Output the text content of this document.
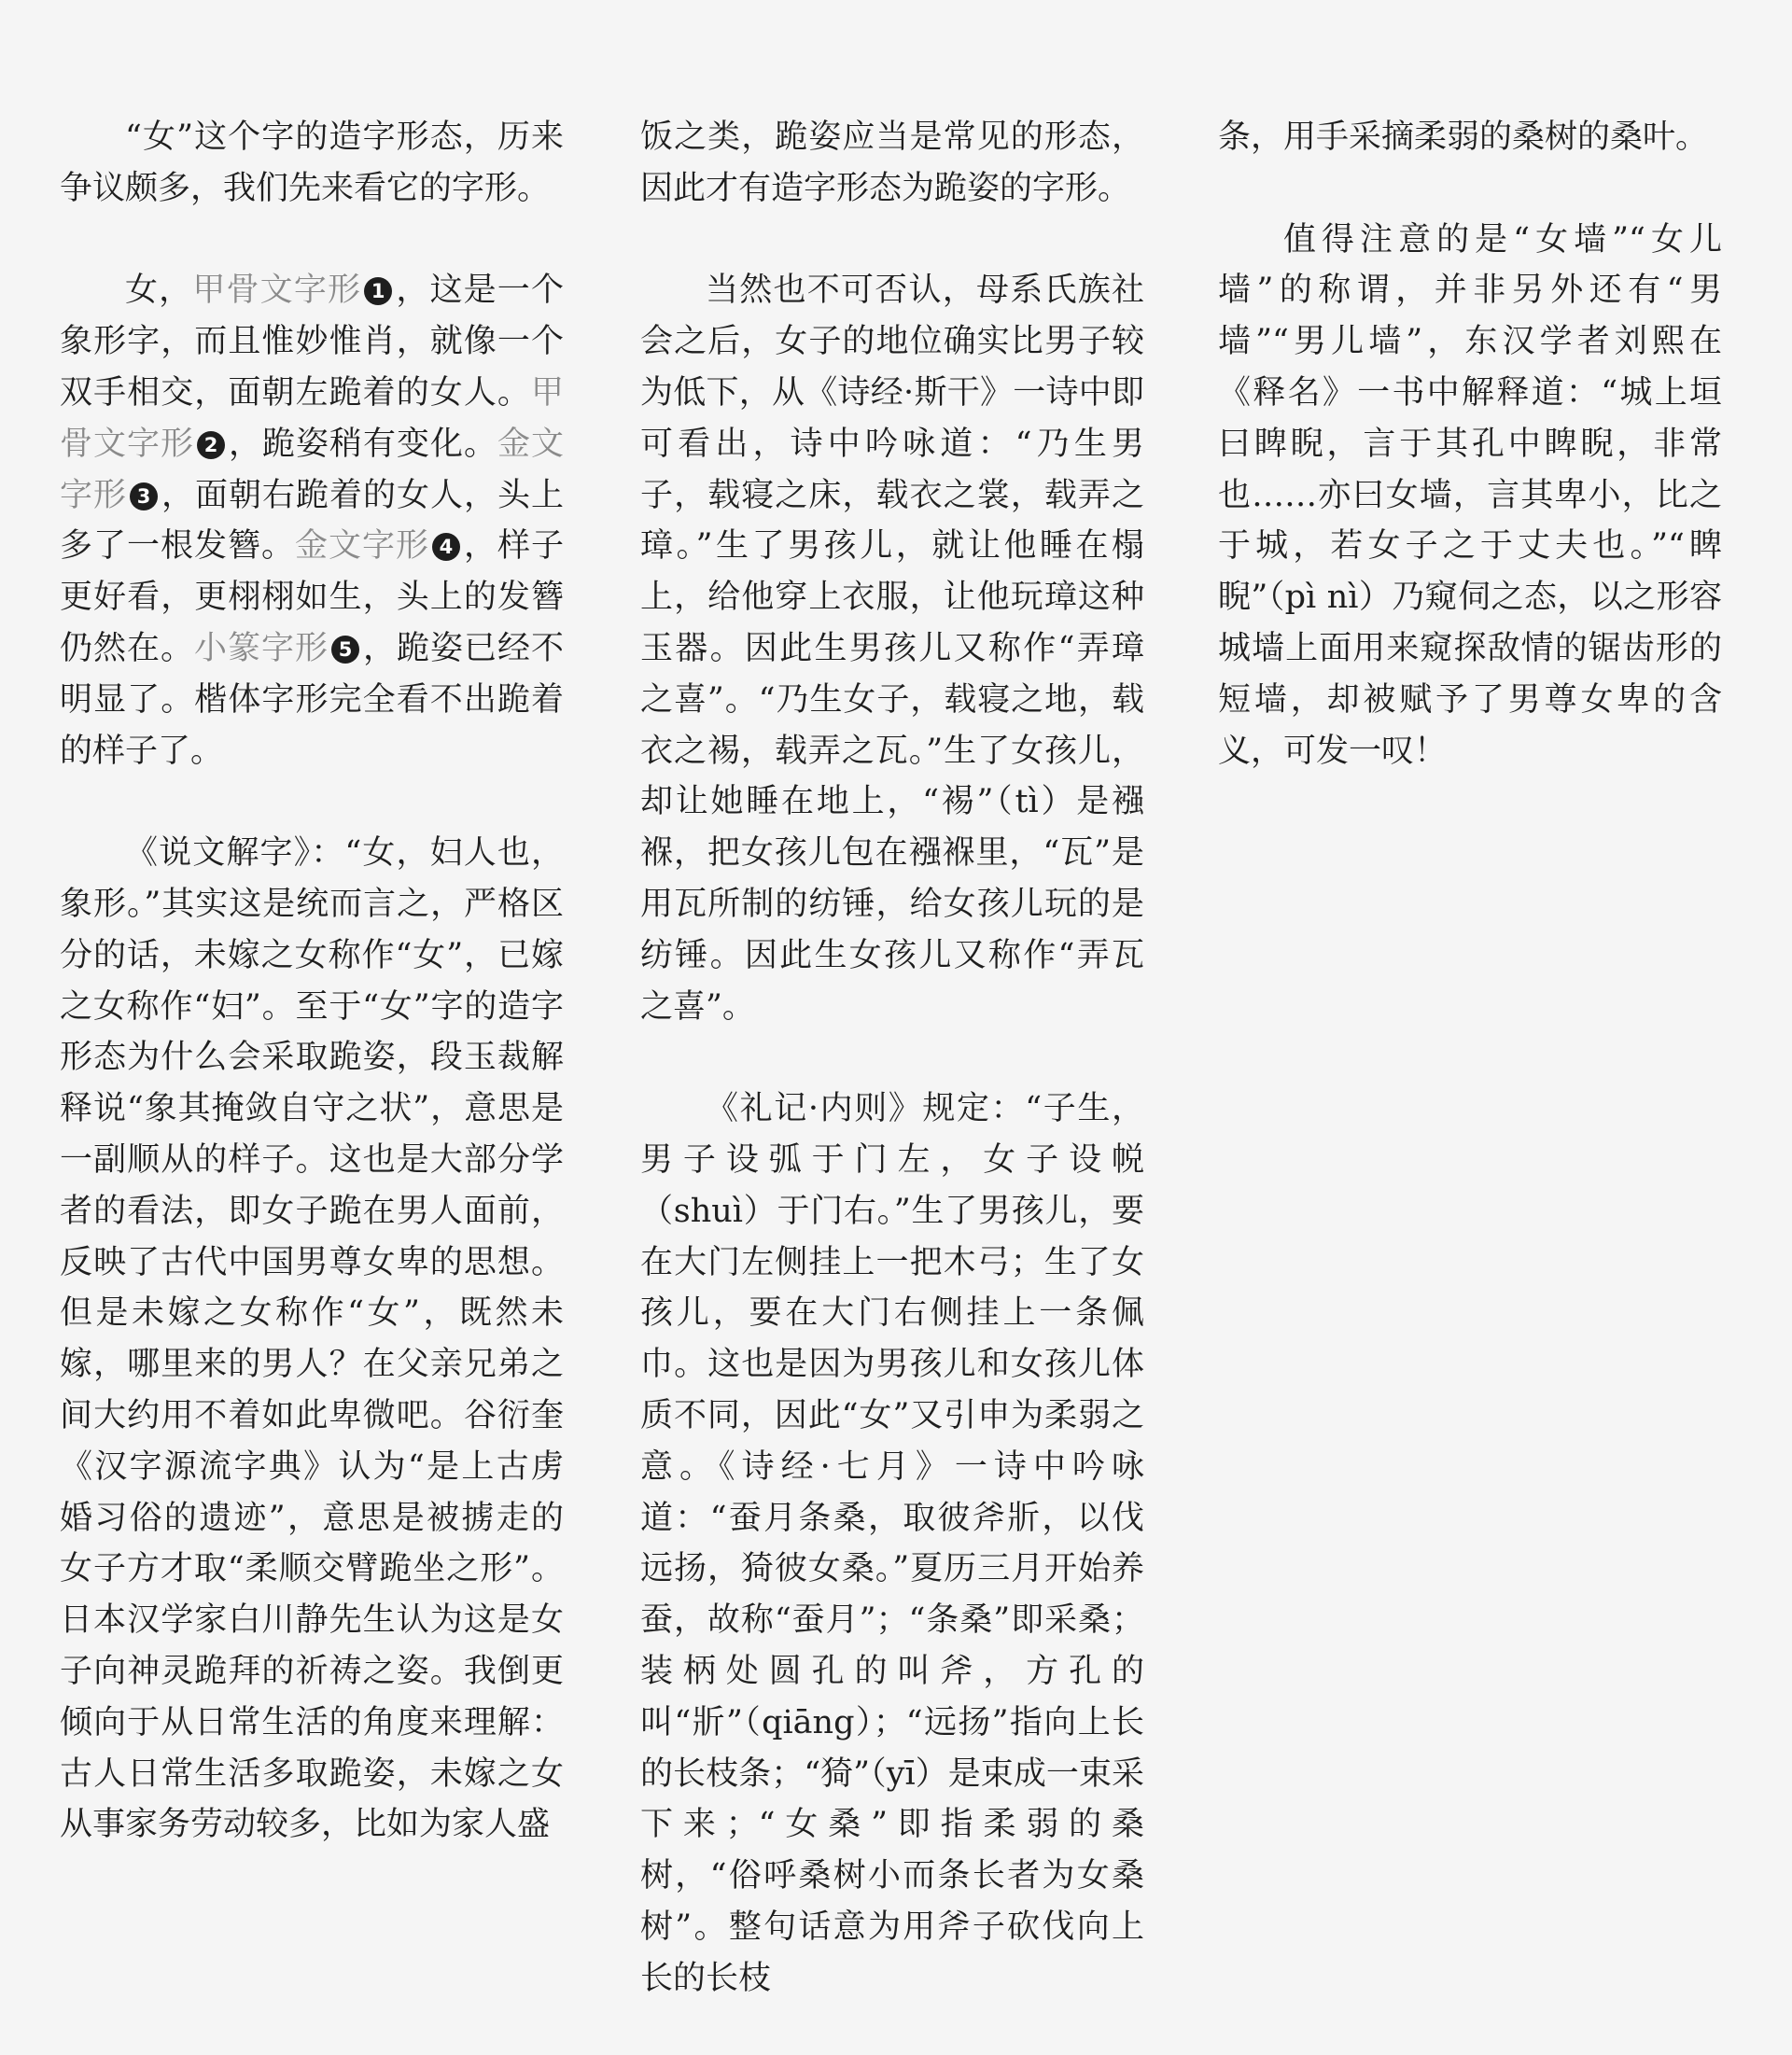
“女”这个字的造字形态，历来争议颇多，我们先来看它的字形。

女，甲骨文字形 1 ，这是一个象形字，而且惟妙惟肖，就像一个双手相交，面朝左跪着的女人。甲骨文字形 2 ，跪姿稍有变化。金文字形 3 ，面朝右跪着的女人，头上多了一根发簪。金文字形 4 ，样子更好看，更栩栩如生，头上的发簪仍然在。小篆字形 5 ，跪姿已经不明显了。楷体字形完全看不出跪着的样子了。

《说文解字》：“女，妇人也，象形。”其实这是统而言之，严格区分的话，未嫁之女称作“女”，已嫁之女称作“妇”。至于“女”字的造字形态为什么会采取跪姿，段玉裁解释说“象其掩敛自守之状”，意思是一副顺从的样子。这也是大部分学者的看法，即女子跪在男人面前，反映了古代中国男尊女卑的思想。但是未嫁之女称作“女”，既然未嫁，哪里来的男人？在父亲兄弟之间大约用不着如此卑微吧。谷衍奎《汉字源流字典》认为“是上古虏婚习俗的遗迹”，意思是被掳走的女子方才取“柔顺交臂跪坐之形”。日本汉学家白川静先生认为这是女子向神灵跪拜的祈祷之姿。我倒更倾向于从日常生活的角度来理解：古人日常生活多取跪姿，未嫁之女从事家务劳动较多，比如为家人盛

饭之类，跪姿应当是常见的形态，因此才有造字形态为跪姿的字形。

当然也不可否认，母系氏族社会之后，女子的地位确实比男子较为低下，从《诗经·斯干》一诗中即可看出，诗中吟咏道：“乃生男子，载寝之床，载衣之裳，载弄之璋。”生了男孩儿，就让他睡在榻上，给他穿上衣服，让他玩璋这种玉器。因此生男孩儿又称作“弄璋之喜”。“乃生女子，载寝之地，载衣之裼，载弄之瓦。”生了女孩儿，却让她睡在地上，“裼”（tì）是襁褓，把女孩儿包在襁褓里，“瓦”是用瓦所制的纺锤，给女孩儿玩的是纺锤。因此生女孩儿又称作“弄瓦之喜”。

《礼记·内则》规定：“子生，男子设弧于门左，女子设帨（shuì）于门右。”生了男孩儿，要在大门左侧挂上一把木弓；生了女孩儿，要在大门右侧挂上一条佩巾。这也是因为男孩儿和女孩儿体质不同，因此“女”又引申为柔弱之意。《诗经·七月》一诗中吟咏道：“蚕月条桑，取彼斧斨，以伐远扬，猗彼女桑。”夏历三月开始养蚕，故称“蚕月”；“条桑”即采桑；装柄处圆孔的叫斧，方孔的叫“斨”（qiāng）；“远扬”指向上长的长枝条；“猗”（yī）是束成一束采下来；“女桑”即指柔弱的桑树，“俗呼桑树小而条长者为女桑树”。整句话意为用斧子砍伐向上长的长枝

条，用手采摘柔弱的桑树的桑叶。

值得注意的是“女墙”“女儿墙”的称谓，并非另外还有“男墙”“男儿墙”，东汉学者刘熙在《释名》一书中解释道：“城上垣曰睥睨，言于其孔中睥睨，非常也……亦曰女墙，言其卑小，比之于城，若女子之于丈夫也。”“睥睨”（pì nì）乃窥伺之态，以之形容城墙上面用来窥探敌情的锯齿形的短墙，却被赋予了男尊女卑的含义，可发一叹！
